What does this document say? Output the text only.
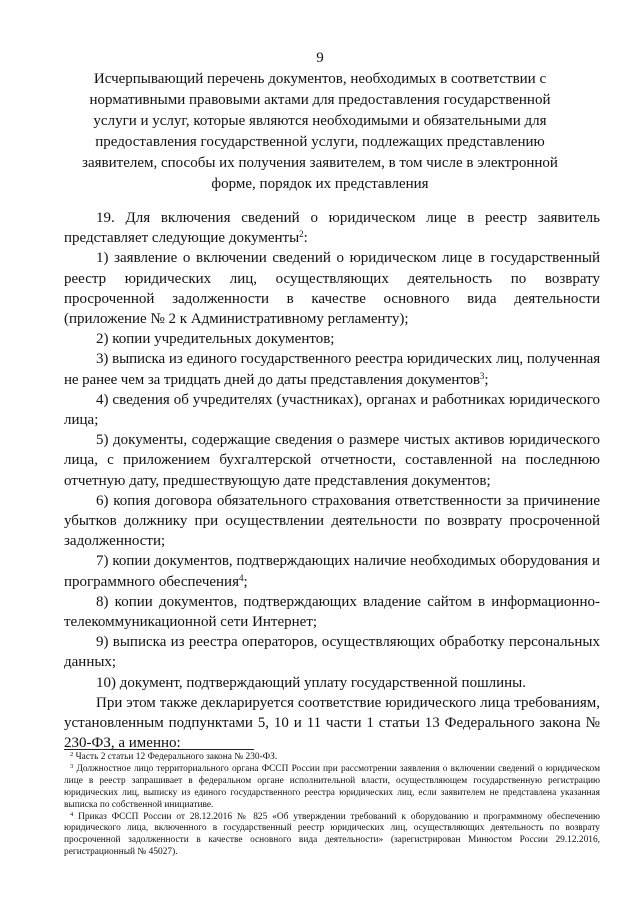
9
Исчерпывающий перечень документов, необходимых в соответствии с нормативными правовыми актами для предоставления государственной услуги и услуг, которые являются необходимыми и обязательными для предоставления государственной услуги, подлежащих представлению заявителем, способы их получения заявителем, в том числе в электронной форме, порядок их представления

19. Для включения сведений о юридическом лице в реестр заявитель представляет следующие документы$^2$:

1) заявление о включении сведений о юридическом лице в государственный реестр юридических лиц, осуществляющих деятельность по возврату просроченной задолженности в качестве основного вида деятельности (приложение № 2 к Административному регламенту);

2) копии учредительных документов;

3) выписка из единого государственного реестра юридических лиц, полученная не ранее чем за тридцать дней до даты представления документов$^3$;

4) сведения об учредителях (участниках), органах и работниках юридического лица;

5) документы, содержащие сведения о размере чистых активов юридического лица, с приложением бухгалтерской отчетности, составленной на последнюю отчетную дату, предшествующую дате представления документов;

6) копия договора обязательного страхования ответственности за причинение убытков должнику при осуществлении деятельности по возврату просроченной задолженности;

7) копии документов, подтверждающих наличие необходимых оборудования и программного обеспечения$^4$;

8) копии документов, подтверждающих владение сайтом в информационно-телекоммуникационной сети Интернет;

9) выписка из реестра операторов, осуществляющих обработку персональных данных;

10) документ, подтверждающий уплату государственной пошлины.

При этом также декларируется соответствие юридического лица требованиям, установленным подпунктами 5, 10 и 11 части 1 статьи 13 Федерального закона № 230-ФЗ, а именно:

$^2$ Часть 2 статьи 12 Федерального закона № 230-ФЗ.

$^3$ Должностное лицо территориального органа ФССП России при рассмотрении заявления о включении сведений о юридическом лице в реестр запрашивает в федеральном органе исполнительной власти, осуществляющем государственную регистрацию юридических лиц, выписку из единого государственного реестра юридических лиц, если заявителем не представлена указанная выписка по собственной инициативе.

$^4$ Приказ ФССП России от 28.12.2016 № 825 «Об утверждении требований к оборудованию и программному обеспечению юридического лица, включенного в государственный реестр юридических лиц, осуществляющих деятельность по возврату просроченной задолженности в качестве основного вида деятельности» (зарегистрирован Минюстом России 29.12.2016, регистрационный № 45027).
